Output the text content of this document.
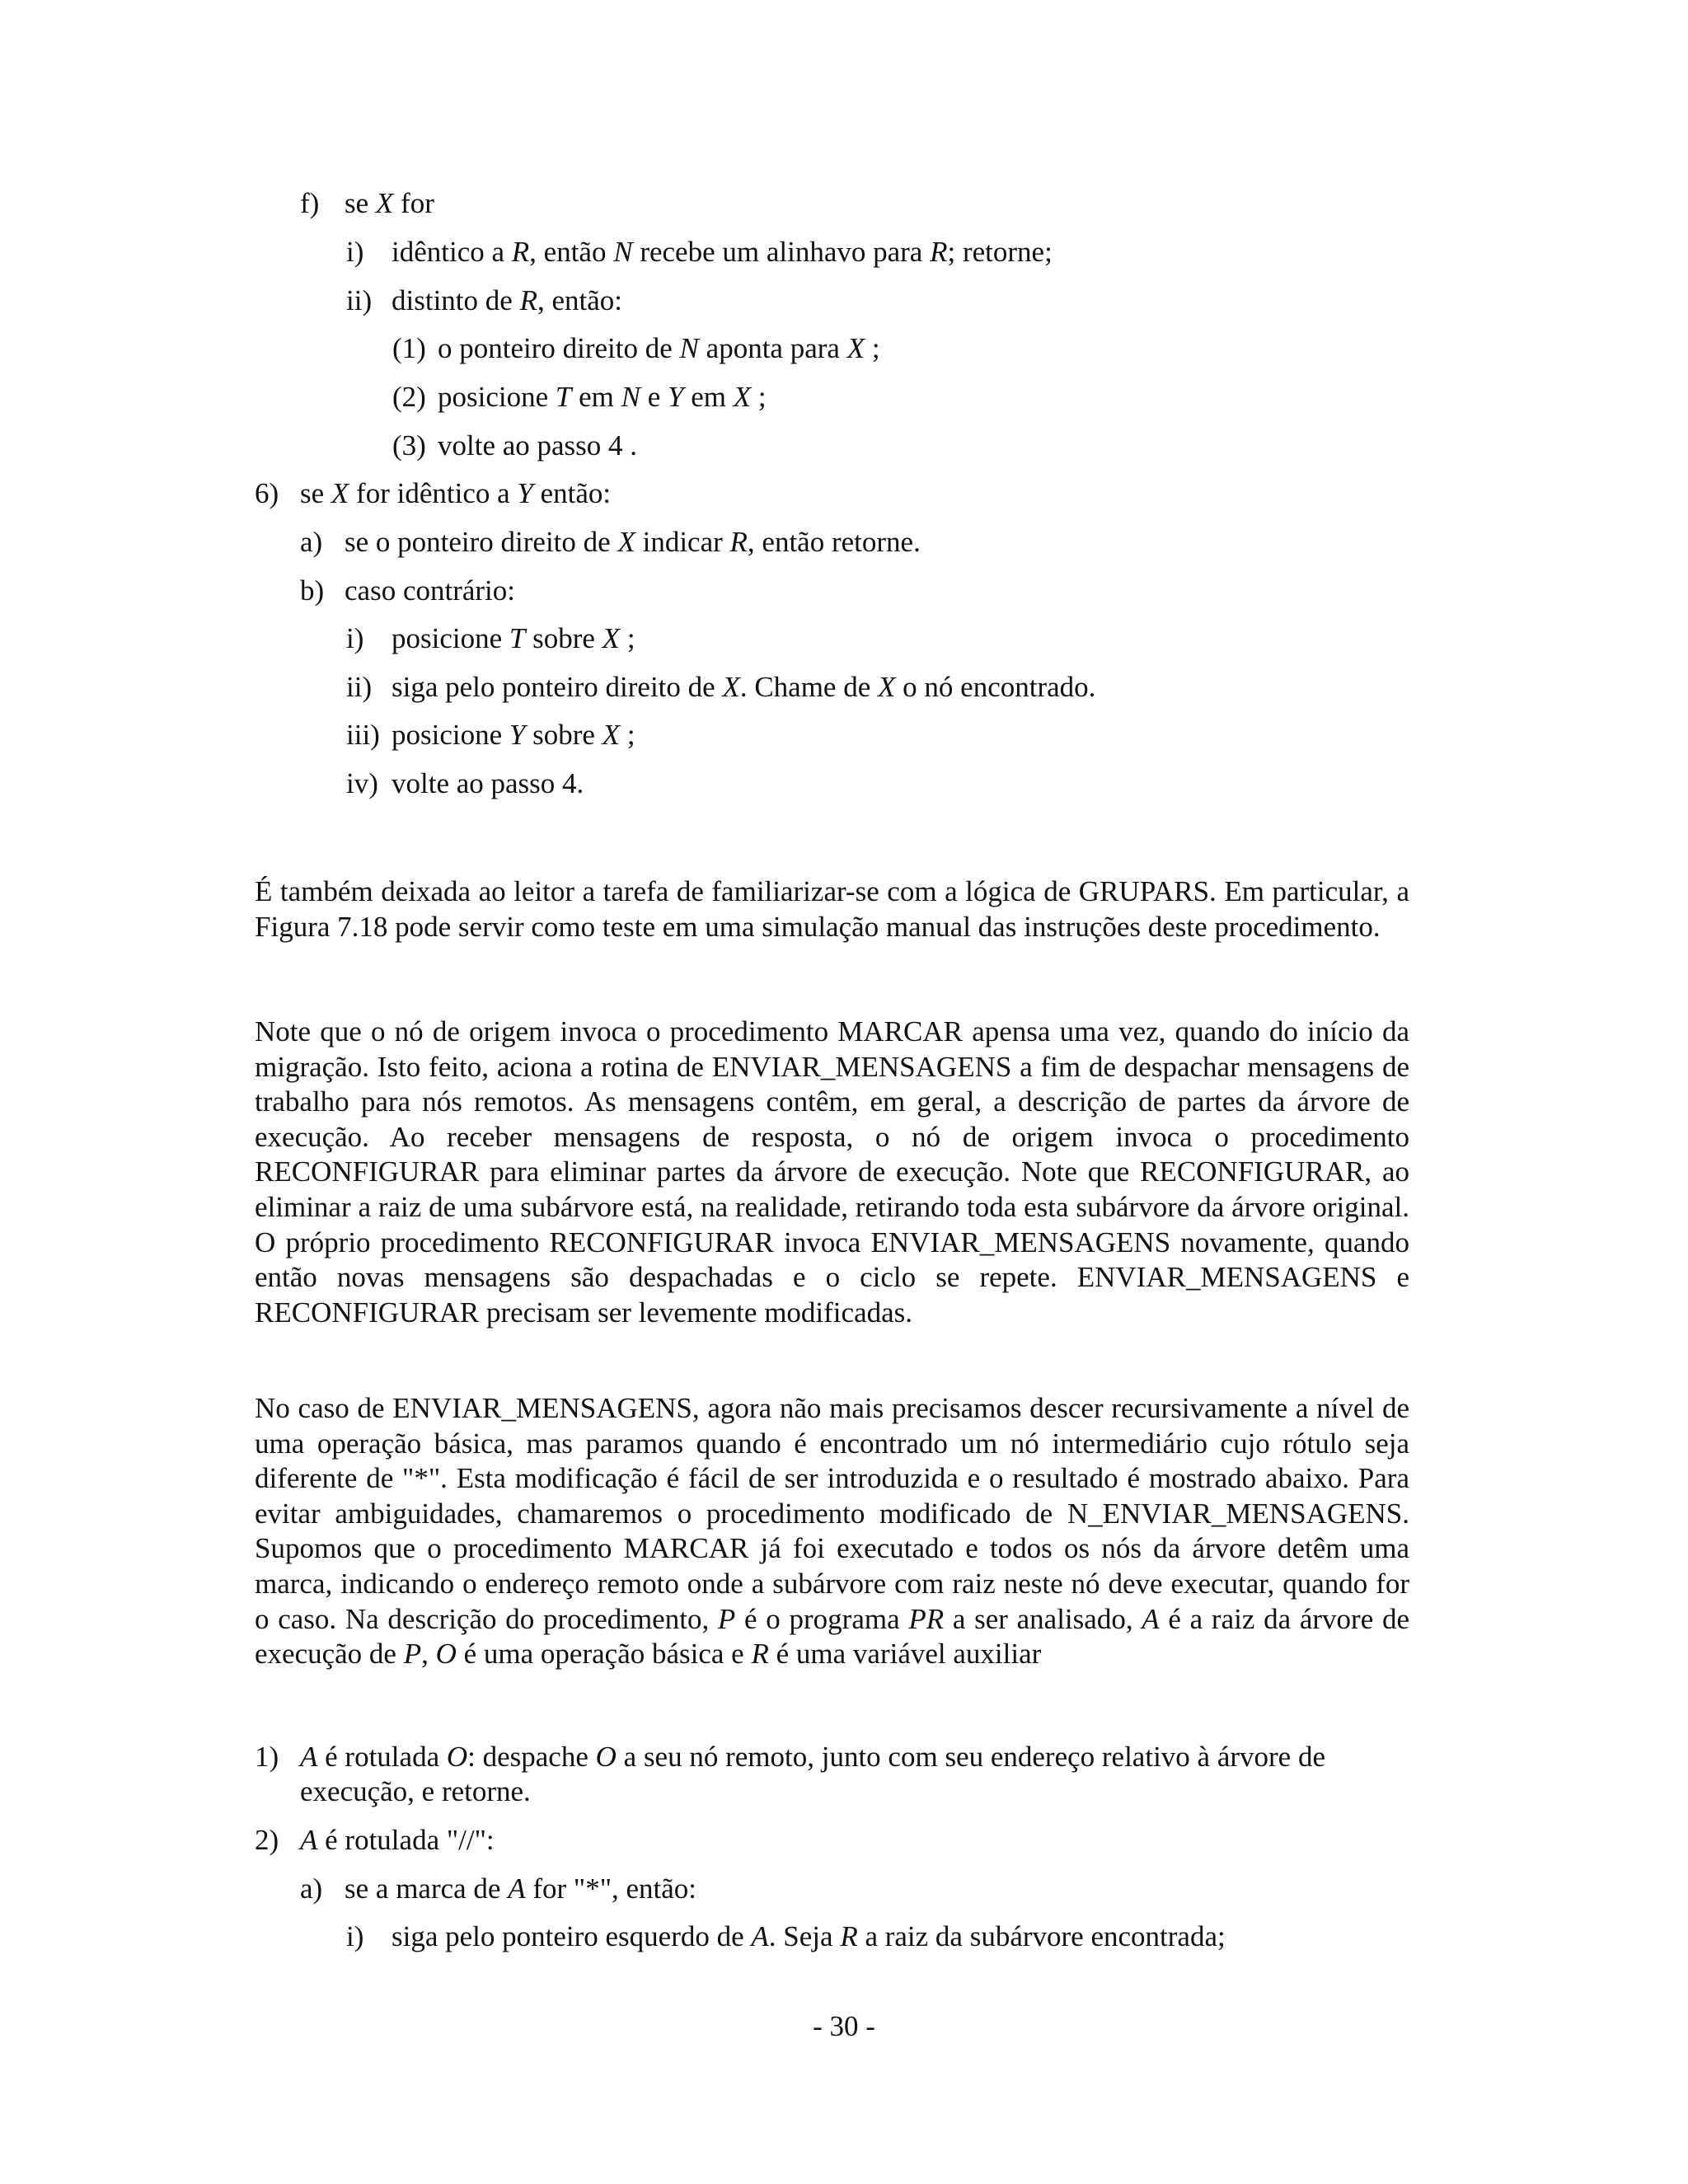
f) se X for
i) idêntico a R, então N recebe um alinhavo para R; retorne;
ii) distinto de R, então:
(1) o ponteiro direito de N aponta para X ;
(2) posicione T em N e Y em X ;
(3) volte ao passo 4 .
6) se X for idêntico a Y então:
a) se o ponteiro direito de X indicar R, então retorne.
b) caso contrário:
i) posicione T sobre X ;
ii) siga pelo ponteiro direito de X. Chame de X o nó encontrado.
iii) posicione Y sobre X ;
iv) volte ao passo 4.

É também deixada ao leitor a tarefa de familiarizar-se com a lógica de GRUPARS. Em particular, a Figura 7.18 pode servir como teste em uma simulação manual das instruções deste procedimento.

Note que o nó de origem invoca o procedimento MARCAR apensa uma vez, quando do início da migração. Isto feito, aciona a rotina de ENVIAR_MENSAGENS a fim de despachar mensagens de trabalho para nós remotos. As mensagens contêm, em geral, a descrição de partes da árvore de execução. Ao receber mensagens de resposta, o nó de origem invoca o procedimento RECONFIGURAR para eliminar partes da árvore de execução. Note que RECONFIGURAR, ao eliminar a raiz de uma subárvore está, na realidade, retirando toda esta subárvore da árvore original. O próprio procedimento RECONFIGURAR invoca ENVIAR_MENSAGENS novamente, quando então novas mensagens são despachadas e o ciclo se repete. ENVIAR_MENSAGENS e RECONFIGURAR precisam ser levemente modificadas.

No caso de ENVIAR_MENSAGENS, agora não mais precisamos descer recursivamente a nível de uma operação básica, mas paramos quando é encontrado um nó intermediário cujo rótulo seja diferente de "*". Esta modificação é fácil de ser introduzida e o resultado é mostrado abaixo. Para evitar ambiguidades, chamaremos o procedimento modificado de N_ENVIAR_MENSAGENS. Supomos que o procedimento MARCAR já foi executado e todos os nós da árvore detêm uma marca, indicando o endereço remoto onde a subárvore com raiz neste nó deve executar, quando for o caso. Na descrição do procedimento, P é o programa PR a ser analisado, A é a raiz da árvore de execução de P, O é uma operação básica e R é uma variável auxiliar

1) A é rotulada O: despache O a seu nó remoto, junto com seu endereço relativo à árvore de
execução, e retorne.
2) A é rotulada "//":
a) se a marca de A for "*", então:
i) siga pelo ponteiro esquerdo de A. Seja R a raiz da subárvore encontrada;
- 30 -
